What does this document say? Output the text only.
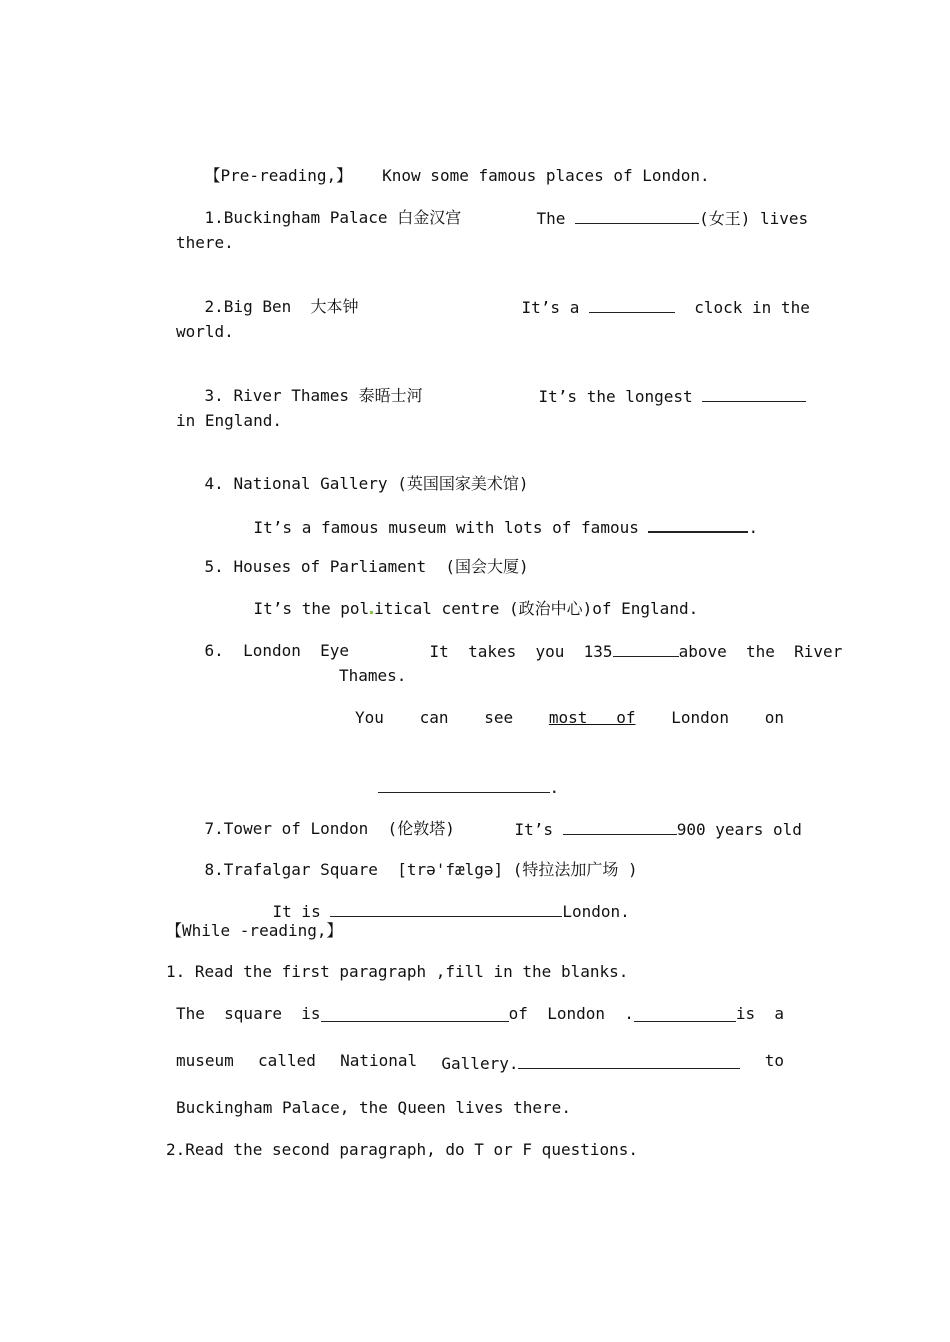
【Pre-reading,】 Know some famous places of London.

1.Buckingham Palace 白金汉宫
	The	(女王) lives

there.

2.Big Ben  大本钟
	It’s a	clock in the

world.

3. River Thames 泰晤士河
	It’s the longest

in England.

4. National Gallery (英国国家美术馆)

It’s a famous museum with lots of famous	.

5. Houses of Parliament  (国会大厦)

It’s the pol itical centre (政治中心)of England.

6. London  Eye
	It  takes  you  135	above  the  River

Thames.
You can see most   of London on

.

7.Tower of London  (伦敦塔)
	It’s	900 years old

8.Trafalgar Square  [trə'fælgə] (特拉法加广场 )

It is	London.

【While -reading,】
1. Read the first paragraph ,fill in the blanks.
The  square  is	of  London  .	is  a
museum called National Gallery.	to
Buckingham Palace, the Queen lives there.
2.Read the second paragraph, do T or F questions.
